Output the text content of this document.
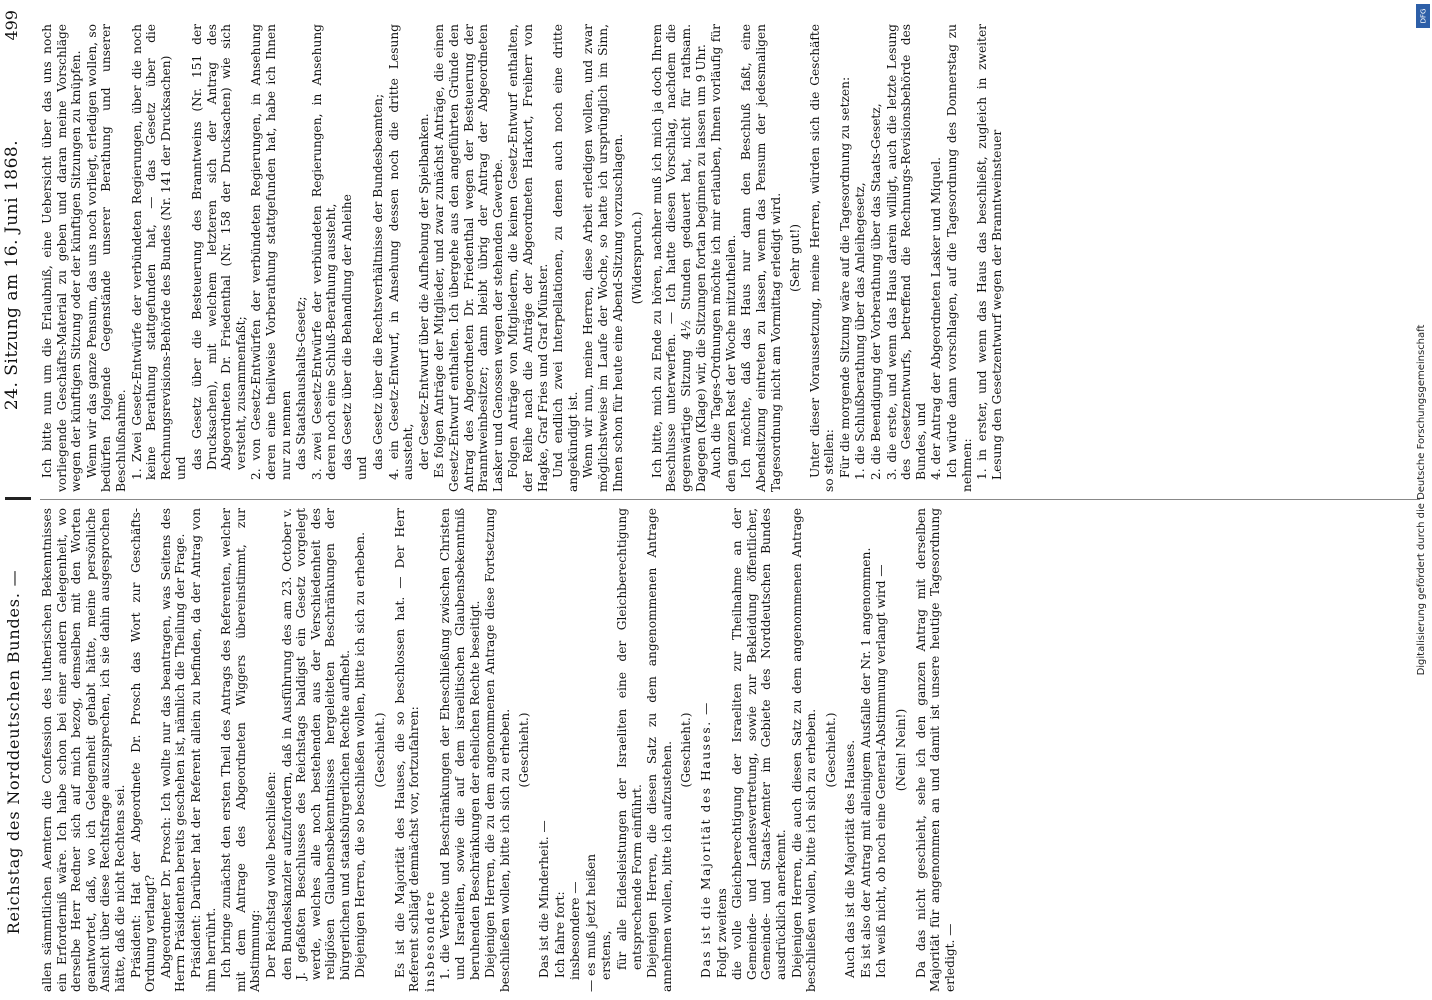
Reichstag des Norddeutschen Bundes. —
24. Sitzung am 16. Juni 1868.
499

allen sämmtlichen Aemtern die Confession des lutherischen Bekenntnisses ein Erforderniß wäre. Ich habe schon bei einer andern Gelegenheit, wo derselbe Herr Redner sich auf mich bezog, demselben mit den Worten geantwortet, daß, wo ich Gelegenheit gehabt hätte, meine persönliche Ansicht über diese Rechtsfrage auszusprechen, ich sie dahin ausgesprochen hätte, daß die nicht Rechtens sei. Präsident: Hat der Abgeordnete Dr. Prosch das Wort zur Geschäfts-Ordnung verlangt? Abgeordneter Dr. Prosch: Ich wollte nur das beantragen, was Seitens des Herrn Präsidenten bereits geschehen ist, nämlich die Theilung der Frage. Präsident: Darüber hat der Referent allein zu befinden, da der Antrag von ihm herrührt. Ich bringe zunächst den ersten Theil des Antrags des Referenten, welcher mit dem Antrage des Abgeordneten Wiggers übereinstimmt, zur Abstimmung: Der Reichstag wolle beschließen: den Bundeskanzler aufzufordern, daß in Ausführung des am 23. October v. J. gefaßten Beschlusses des Reichstags baldigst ein Gesetz vorgelegt werde, welches alle noch bestehenden aus der Verschiedenheit des religiösen Glaubensbekenntnisses hergeleiteten Beschränkungen der bürgerlichen und staatsbürgerlichen Rechte aufhebt. Diejenigen Herren, die so beschließen wollen, bitte ich sich zu erheben. (Geschieht.) Es ist die Majorität des Hauses, die so beschlossen hat. — Der Herr Referent schlägt demnächst vor, fortzufahren: insbesondere 1. die Verbote und Beschränkungen der Eheschließung zwischen Christen und Israeliten, sowie die auf dem israelitischen Glaubensbekenntniß beruhenden Beschränkungen der ehelichen Rechte beseitigt. Diejenigen Herren, die zu dem angenommenen Antrage diese Fortsetzung beschließen wollen, bitte ich sich zu erheben. (Geschieht.)

Das ist die Minderheit. — Ich fahre fort: insbesondere — — es muß jetzt heißen erstens, für alle Eidesleistungen der Israeliten eine der Gleichberechtigung entsprechende Form einführt. Diejenigen Herren, die diesen Satz zu dem angenommenen Antrage annehmen wollen, bitte ich aufzustehen. (Geschieht.) Das ist die Majorität des Hauses. — Folgt zweitens die volle Gleichberechtigung der Israeliten zur Theilnahme an der Gemeinde- und Landesvertretung, sowie zur Bekleidung öffentlicher, Gemeinde- und Staats-Aemter im Gebiete des Norddeutschen Bundes ausdrücklich anerkennt. Diejenigen Herren, die auch diesen Satz zu dem angenommenen Antrage beschließen wollen, bitte ich sich zu erheben. (Geschieht.) Auch das ist die Majorität des Hauses. Es ist also der Antrag mit alleinigem Ausfalle der Nr. 1 angenommen. Ich weiß nicht, ob noch eine General-Abstimmung verlangt wird — (Nein! Nein!) Da das nicht geschieht, sehe ich den ganzen Antrag mit derselben Majorität für angenommen an und damit ist unsere heutige Tagesordnung erledigt. —

Ich bitte nun um die Erlaubniß, eine Uebersicht über das uns noch vorliegende Geschäfts-Material zu geben und daran meine Vorschläge wegen der künftigen Sitzung oder der künftigen Sitzungen zu knüpfen. Wenn wir das ganze Pensum, das uns noch vorliegt, erledigen wollen, so bedürfen folgende Gegenstände unserer Berathung und unserer Beschlußnahme. 1. Zwei Gesetz-Entwürfe der verbündeten Regierungen, über die noch keine Berathung stattgefunden hat, — das Gesetz über die Rechnungsrevisions-Behörde des Bundes (Nr. 141 der Drucksachen) und das Gesetz über die Besteuerung des Branntweins (Nr. 151 der Drucksachen), mit welchem letzteren sich der Antrag des Abgeordneten Dr. Friedenthal (Nr. 158 der Drucksachen) wie sich versteht, zusammenfaßt; 2. von Gesetz-Entwürfen der verbündeten Regierungen, in Ansehung deren eine theilweise Vorberathung stattgefunden hat, habe ich Ihnen nur zu nennen das Staatshaushalts-Gesetz; 3. zwei Gesetz-Entwürfe der verbündeten Regierungen, in Ansehung deren noch eine Schluß-Berathung aussteht, das Gesetz über die Behandlung der Anleihe und das Gesetz über die Rechtsverhältnisse der Bundesbeamten; 4. ein Gesetz-Entwurf, in Ansehung dessen noch die dritte Lesung aussteht, der Gesetz-Entwurf über die Aufhebung der Spielbanken. Es folgen Anträge der Mitglieder, und zwar zunächst Anträge, die einen Gesetz-Entwurf enthalten. Ich übergehe aus den angeführten Gründe den Antrag des Abgeordneten Dr. Friedenthal wegen der Besteuerung der Branntweinbesitzer; dann bleibt übrig der Antrag der Abgeordneten Lasker und Genossen wegen der stehenden Gewerbe. Folgen Anträge von Mitgliedern, die keinen Gesetz-Entwurf enthalten, der Reihe nach die Anträge der Abgeordneten Harkort, Freiherr von Hagke, Graf Fries und Graf Münster. Und endlich zwei Interpellationen, zu denen auch noch eine dritte angekündigt ist. Wenn wir nun, meine Herren, diese Arbeit erledigen wollen, und zwar möglichstweise im Laufe der Woche, so hatte ich ursprünglich im Sinn, Ihnen schon für heute eine Abend-Sitzung vorzuschlagen. (Widerspruch.) Ich bitte, mich zu Ende zu hören, nachher muß ich mich ja doch Ihrem Beschlusse unterwerfen. — Ich hatte diesen Vorschlag, nachdem die gegenwärtige Sitzung 4½ Stunden gedauert hat, nicht für rathsam. Dagegen (Klage) wir, die Sitzungen fortan beginnen zu lassen um 9 Uhr. Auch die Tages-Ordnungen möchte ich mir erlauben, Ihnen vorläufig für den ganzen Rest der Woche mitzutheilen. Ich möchte, daß das Haus nur dann den Beschluß faßt, eine Abendsitzung eintreten zu lassen, wenn das Pensum der jedesmaligen Tagesordnung nicht am Vormittag erledigt wird. (Sehr gut!) Unter dieser Voraussetzung, meine Herren, würden sich die Geschäfte so stellen: Für die morgende Sitzung wäre auf die Tagesordnung zu setzen: 1. die Schlußberathung über das Anleihegesetz, 2. die Beendigung der Vorberathung über das Staats-Gesetz, 3. die erste, und wenn das Haus darein willigt, auch die letzte Lesung des Gesetzentwurfs, betreffend die Rechnungs-Revisionsbehörde des Bundes, und 4. der Antrag der Abgeordneten Lasker und Miquel. Ich würde dann vorschlagen, auf die Tagesordnung des Donnerstag zu nehmen: 1. in erster, und wenn das Haus das beschließt, zugleich in zweiter Lesung den Gesetzentwurf wegen der Branntweinsteuer

Digitalisierung gefördert durch die Deutsche Forschungsgemeinschaft
DFG
